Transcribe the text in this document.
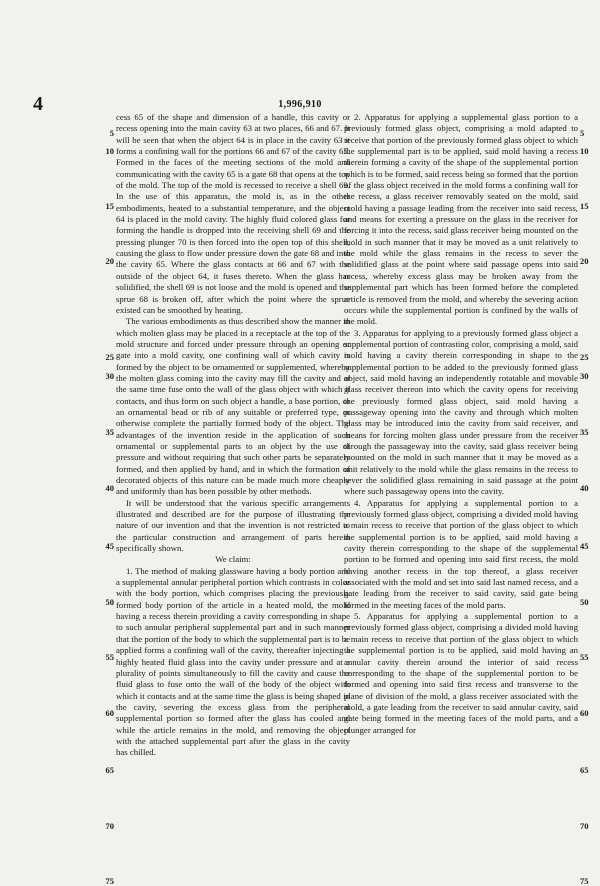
4	1,996,910
5
10
15
20
25
30
35
40
45
50
55
60
65
70
75
5
10
15
20
25
30
35
40
45
50
55
60
65
70
75

cess 65 of the shape and dimension of a handle, this cavity or recess opening into the main cavity 63 at two places, 66 and 67. It will be seen that when the object 64 is in place in the cavity 63 it forms a confining wall for the portions 66 and 67 of the cavity 65. Formed in the faces of the meeting sections of the mold and communicating with the cavity 65 is a gate 68 that opens at the top of the mold. The top of the mold is recessed to receive a shell 69. In the use of this apparatus, the mold is, as in the other embodiments, heated to a substantial temperature, and the object 64 is placed in the mold cavity. The highly fluid colored glass for forming the handle is dropped into the receiving shell 69 and the pressing plunger 70 is then forced into the open top of this shell, causing the glass to flow under pressure down the gate 68 and into the cavity 65. Where the glass contacts at 66 and 67 with the outside of the object 64, it fuses thereto. When the glass has solidified, the shell 69 is not loose and the mold is opened and the sprue 68 is broken off, after which the point where the sprue existed can be smoothed by heating.

The various embodiments as thus described show the manner in which molten glass may be placed in a receptacle at the top of the mold structure and forced under pressure through an opening or gate into a mold cavity, one confining wall of which cavity is formed by the object to be ornamented or supplemented, whereby the molten glass coming into the cavity may fill the cavity and at the same time fuse onto the wall of the glass object with which it contacts, and thus form on such object a handle, a base portion, or an ornamental bead or rib of any suitable or preferred type, or otherwise complete the partially formed body of the object. The advantages of the invention reside in the application of such ornamental or supplemental parts to an object by the use of pressure and without requiring that such other parts be separately formed, and then applied by hand, and in which the formation of decorated objects of this nature can be made much more cheaply and uniformly than has been possible by other methods.

It will be understood that the various specific arrangements illustrated and described are for the purpose of illustrating the nature of our invention and that the invention is not restricted to the particular construction and arrangement of parts herein specifically shown.

We claim:

1. The method of making glassware having a body portion and a supplemental annular peripheral portion which contrasts in color with the body portion, which comprises placing the previously formed body portion of the article in a heated mold, the mold having a recess therein providing a cavity corresponding in shape to such annular peripheral supplemental part and in such manner that the portion of the body to which the supplemental part is to be applied forms a confining wall of the cavity, thereafter injecting a highly heated fluid glass into the cavity under pressure and at a plurality of points simultaneously to fill the cavity and cause the fluid glass to fuse onto the wall of the body of the object with which it contacts and at the same time the glass is being shaped in the cavity, severing the excess glass from the peripheral supplemental portion so formed after the glass has cooled and while the article remains in the mold, and removing the object with the attached supplemental part after the glass in the cavity has chilled.

2. Apparatus for applying a supplemental glass portion to a previously formed glass object, comprising a mold adapted to receive that portion of the previously formed glass object to which the supplemental part is to be applied, said mold having a recess therein forming a cavity of the shape of the supplemental portion which is to be formed, said recess being so formed that the portion of the glass object received in the mold forms a confining wall for the recess, a glass receiver removably seated on the mold, said mold having a passage leading from the receiver into said recess, and means for exerting a pressure on the glass in the receiver for forcing it into the recess, said glass receiver being mounted on the mold in such manner that it may be moved as a unit relatively to the mold while the glass remains in the recess to sever the solidified glass at the point where said passage opens into said recess, whereby excess glass may be broken away from the supplemental part which has been formed before the completed article is removed from the mold, and whereby the severing action occurs while the supplemental portion is confined by the walls of the mold.

3. Apparatus for applying to a previously formed glass object a supplemental portion of contrasting color, comprising a mold, said mold having a cavity therein corresponding in shape to the supplemental portion to be added to the previously formed glass object, said mold having an independently rotatable and movable glass receiver thereon into which the cavity opens for receiving the previously formed glass object, said mold having a passageway opening into the cavity and through which molten glass may be introduced into the cavity from said receiver, and means for forcing molten glass under pressure from the receiver through the passageway into the cavity, said glass receiver being mounted on the mold in such manner that it may be moved as a unit relatively to the mold while the glass remains in the recess to sever the solidified glass remaining in said passage at the point where such passageway opens into the cavity.

4. Apparatus for applying a supplemental portion to a previously formed glass object, comprising a divided mold having a main recess to receive that portion of the glass object to which the supplemental portion is to be applied, said mold having a cavity therein corresponding to the shape of the supplemental portion to be formed and opening into said first recess, the mold having another recess in the top thereof, a glass receiver associated with the mold and set into said last named recess, and a gate leading from the receiver to said cavity, said gate being formed in the meeting faces of the mold parts.

5. Apparatus for applying a supplemental portion to a previously formed glass object, comprising a divided mold having a main recess to receive that portion of the glass object to which the supplemental portion is to be applied, said mold having an annular cavity therein around the interior of said recess corresponding to the shape of the supplemental portion to be formed and opening into said first recess and transverse to the plane of division of the mold, a glass receiver associated with the mold, a gate leading from the receiver to said annular cavity, said gate being formed in the meeting faces of the mold parts, and a plunger arranged for
